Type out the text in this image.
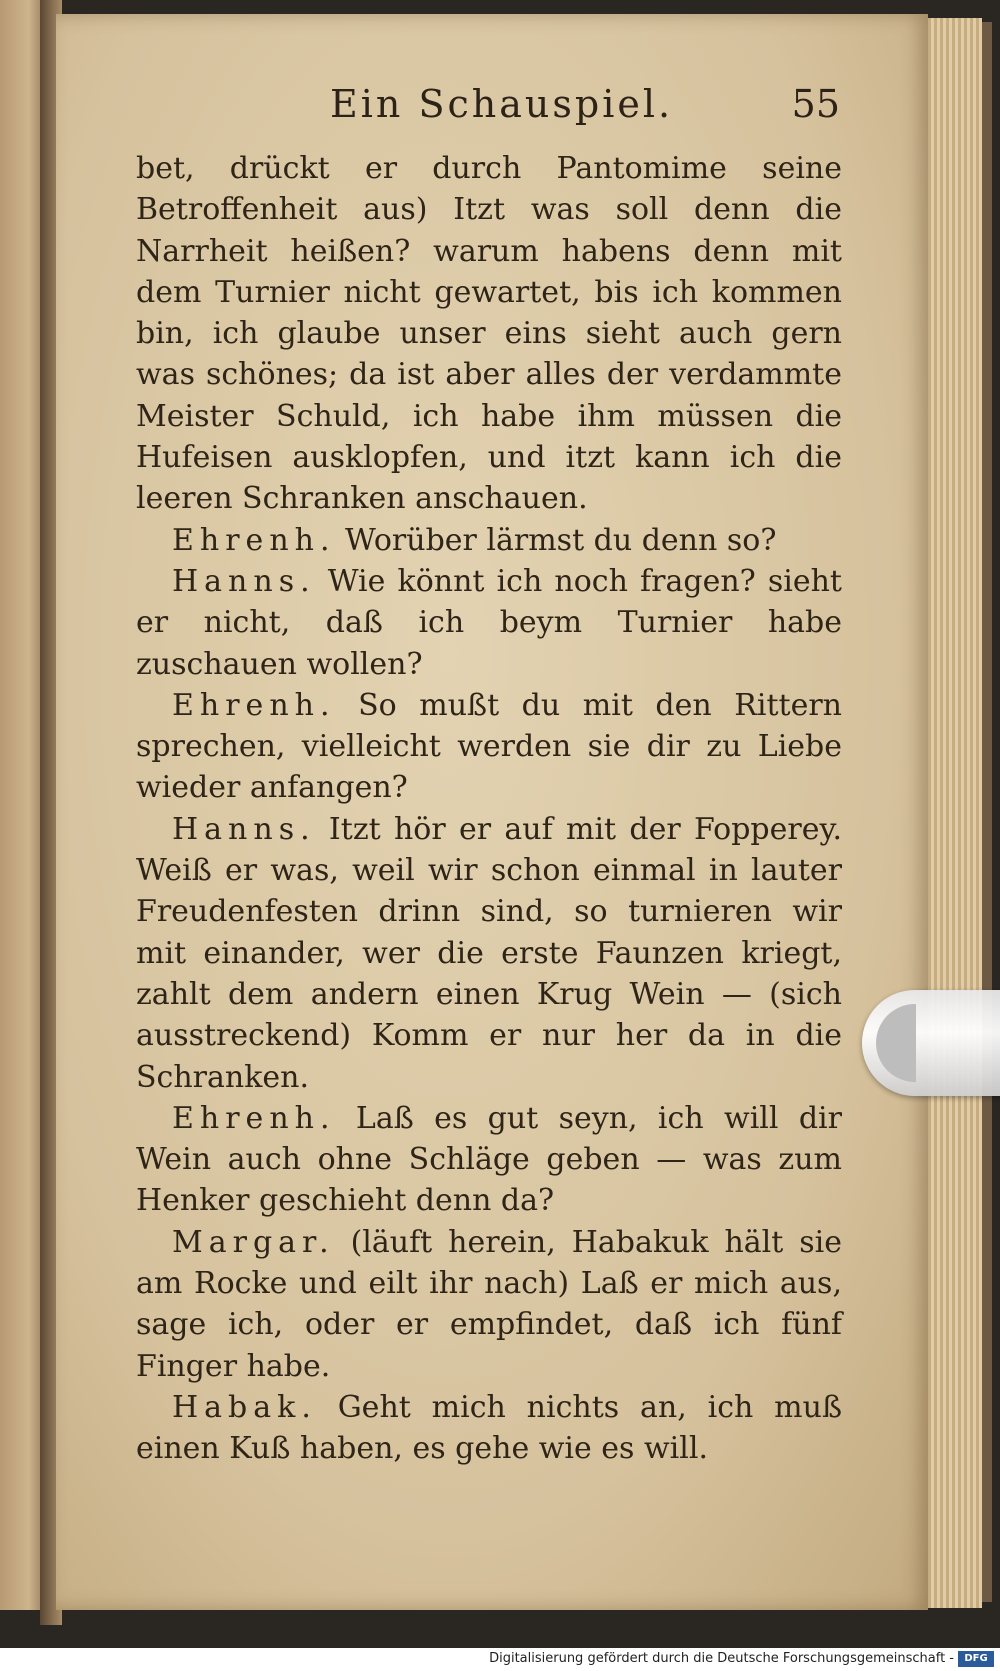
Ein Schauspiel.	55

bet, drückt er durch Pantomime seine Betroffenheit aus) Itzt was soll denn die Narrheit heißen? warum habens denn mit dem Turnier nicht gewartet, bis ich kommen bin, ich glaube unser eins sieht auch gern was schönes; da ist aber alles der verdammte Meister Schuld, ich habe ihm müssen die Hufeisen ausklopfen, und itzt kann ich die leeren Schranken anschauen.

Ehrenh. Worüber lärmst du denn so?

Hanns. Wie könnt ich noch fragen? sieht er nicht, daß ich beym Turnier habe zuschauen wollen?

Ehrenh. So mußt du mit den Rittern sprechen, vielleicht werden sie dir zu Liebe wieder anfangen?

Hanns. Itzt hör er auf mit der Fopperey. Weiß er was, weil wir schon einmal in lauter Freudenfesten drinn sind, so turnieren wir mit einander, wer die erste Faunzen kriegt, zahlt dem andern einen Krug Wein — (sich ausstreckend) Komm er nur her da in die Schranken.

Ehrenh. Laß es gut seyn, ich will dir Wein auch ohne Schläge geben — was zum Henker geschieht denn da?

Margar. (läuft herein, Habakuk hält sie am Rocke und eilt ihr nach) Laß er mich aus, sage ich, oder er empfindet, daß ich fünf Finger habe.

Habak. Geht mich nichts an, ich muß einen Kuß haben, es gehe wie es will.

Digitalisierung gefördert durch die Deutsche Forschungsgemeinschaft -	DFG
